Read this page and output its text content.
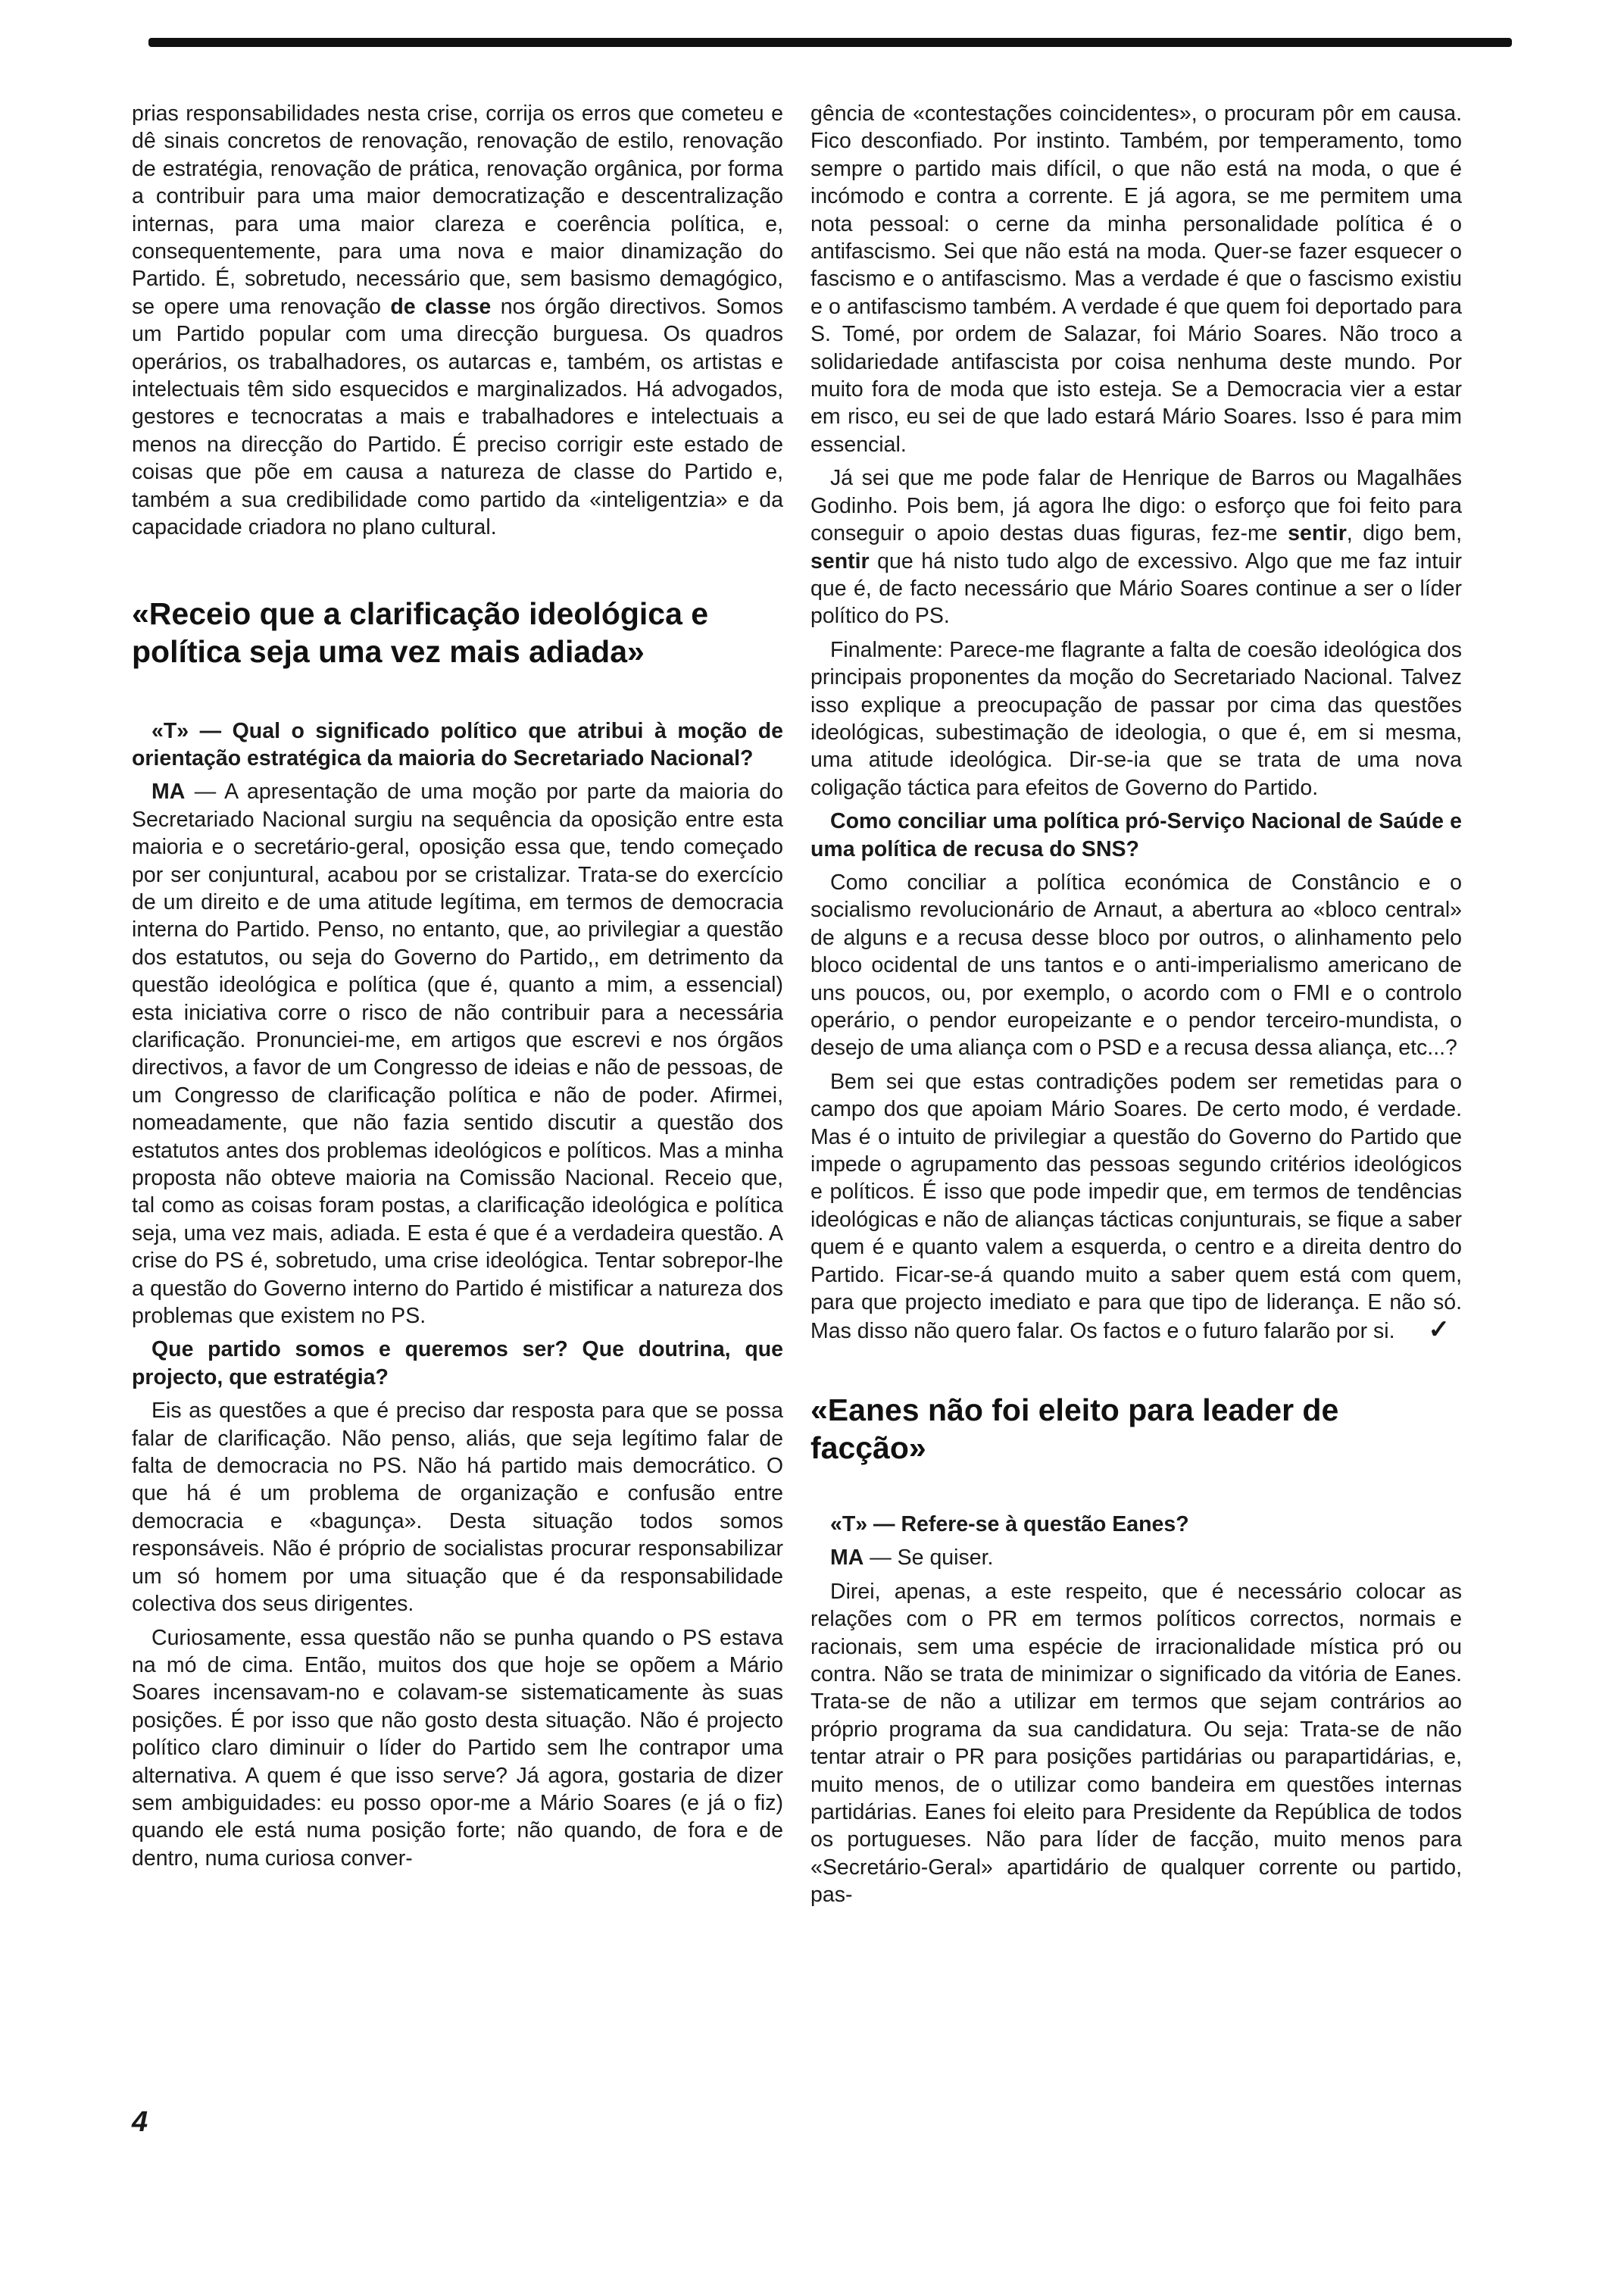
prias responsabilidades nesta crise, corrija os erros que cometeu e dê sinais concretos de renovação, renovação de estilo, renovação de estratégia, renovação de prática, renovação orgânica, por forma a contribuir para uma maior democratização e descentralização internas, para uma maior clareza e coerência política, e, consequentemente, para uma nova e maior dinamização do Partido. É, sobretudo, necessário que, sem basismo demagógico, se opere uma renovação de classe nos órgão directivos. Somos um Partido popular com uma direcção burguesa. Os quadros operários, os trabalhadores, os autarcas e, também, os artistas e intelectuais têm sido esquecidos e marginalizados. Há advogados, gestores e tecnocratas a mais e trabalhadores e intelectuais a menos na direcção do Partido. É preciso corrigir este estado de coisas que põe em causa a natureza de classe do Partido e, também a sua credibilidade como partido da «inteligentzia» e da capacidade criadora no plano cultural.

«Receio que a clarificação ideológica e política seja uma vez mais adiada»

«T» — Qual o significado político que atribui à moção de orientação estratégica da maioria do Secretariado Nacional?

MA — A apresentação de uma moção por parte da maioria do Secretariado Nacional surgiu na sequência da oposição entre esta maioria e o secretário-geral, oposição essa que, tendo começado por ser conjuntural, acabou por se cristalizar. Trata-se do exercício de um direito e de uma atitude legítima, em termos de democracia interna do Partido. Penso, no entanto, que, ao privilegiar a questão dos estatutos, ou seja do Governo do Partido,, em detrimento da questão ideológica e política (que é, quanto a mim, a essencial) esta iniciativa corre o risco de não contribuir para a necessária clarificação. Pronunciei-me, em artigos que escrevi e nos órgãos directivos, a favor de um Congresso de ideias e não de pessoas, de um Congresso de clarificação política e não de poder. Afirmei, nomeadamente, que não fazia sentido discutir a questão dos estatutos antes dos problemas ideológicos e políticos. Mas a minha proposta não obteve maioria na Comissão Nacional. Receio que, tal como as coisas foram postas, a clarificação ideológica e política seja, uma vez mais, adiada. E esta é que é a verdadeira questão. A crise do PS é, sobretudo, uma crise ideológica. Tentar sobrepor-lhe a questão do Governo interno do Partido é mistificar a natureza dos problemas que existem no PS.

Que partido somos e queremos ser? Que doutrina, que projecto, que estratégia?

Eis as questões a que é preciso dar resposta para que se possa falar de clarificação. Não penso, aliás, que seja legítimo falar de falta de democracia no PS. Não há partido mais democrático. O que há é um problema de organização e confusão entre democracia e «bagunça». Desta situação todos somos responsáveis. Não é próprio de socialistas procurar responsabilizar um só homem por uma situação que é da responsabilidade colectiva dos seus dirigentes.

Curiosamente, essa questão não se punha quando o PS estava na mó de cima. Então, muitos dos que hoje se opõem a Mário Soares incensavam-no e colavam-se sistematicamente às suas posições. É por isso que não gosto desta situação. Não é projecto político claro diminuir o líder do Partido sem lhe contrapor uma alternativa. A quem é que isso serve? Já agora, gostaria de dizer sem ambiguidades: eu posso opor-me a Mário Soares (e já o fiz) quando ele está numa posição forte; não quando, de fora e de dentro, numa curiosa conver-

gência de «contestações coincidentes», o procuram pôr em causa. Fico desconfiado. Por instinto. Também, por temperamento, tomo sempre o partido mais difícil, o que não está na moda, o que é incómodo e contra a corrente. E já agora, se me permitem uma nota pessoal: o cerne da minha personalidade política é o antifascismo. Sei que não está na moda. Quer-se fazer esquecer o fascismo e o antifascismo. Mas a verdade é que o fascismo existiu e o antifascismo também. A verdade é que quem foi deportado para S. Tomé, por ordem de Salazar, foi Mário Soares. Não troco a solidariedade antifascista por coisa nenhuma deste mundo. Por muito fora de moda que isto esteja. Se a Democracia vier a estar em risco, eu sei de que lado estará Mário Soares. Isso é para mim essencial.

Já sei que me pode falar de Henrique de Barros ou Magalhães Godinho. Pois bem, já agora lhe digo: o esforço que foi feito para conseguir o apoio destas duas figuras, fez-me sentir, digo bem, sentir que há nisto tudo algo de excessivo. Algo que me faz intuir que é, de facto necessário que Mário Soares continue a ser o líder político do PS.

Finalmente: Parece-me flagrante a falta de coesão ideológica dos principais proponentes da moção do Secretariado Nacional. Talvez isso explique a preocupação de passar por cima das questões ideológicas, subestimação de ideologia, o que é, em si mesma, uma atitude ideológica. Dir-se-ia que se trata de uma nova coligação táctica para efeitos de Governo do Partido.

Como conciliar uma política pró-Serviço Nacional de Saúde e uma política de recusa do SNS?

Como conciliar a política económica de Constâncio e o socialismo revolucionário de Arnaut, a abertura ao «bloco central» de alguns e a recusa desse bloco por outros, o alinhamento pelo bloco ocidental de uns tantos e o anti-imperialismo americano de uns poucos, ou, por exemplo, o acordo com o FMI e o controlo operário, o pendor europeizante e o pendor terceiro-mundista, o desejo de uma aliança com o PSD e a recusa dessa aliança, etc...?

Bem sei que estas contradições podem ser remetidas para o campo dos que apoiam Mário Soares. De certo modo, é verdade. Mas é o intuito de privilegiar a questão do Governo do Partido que impede o agrupamento das pessoas segundo critérios ideológicos e políticos. É isso que pode impedir que, em termos de tendências ideológicas e não de alianças tácticas conjunturais, se fique a saber quem é e quanto valem a esquerda, o centro e a direita dentro do Partido. Ficar-se-á quando muito a saber quem está com quem, para que projecto imediato e para que tipo de liderança. E não só. Mas disso não quero falar. Os factos e o futuro falarão por si. ✓

«Eanes não foi eleito para leader de facção»

«T» — Refere-se à questão Eanes?

MA — Se quiser.

Direi, apenas, a este respeito, que é necessário colocar as relações com o PR em termos políticos correctos, normais e racionais, sem uma espécie de irracionalidade mística pró ou contra. Não se trata de minimizar o significado da vitória de Eanes. Trata-se de não a utilizar em termos que sejam contrários ao próprio programa da sua candidatura. Ou seja: Trata-se de não tentar atrair o PR para posições partidárias ou parapartidárias, e, muito menos, de o utilizar como bandeira em questões internas partidárias. Eanes foi eleito para Presidente da República de todos os portugueses. Não para líder de facção, muito menos para «Secretário-Geral» apartidário de qualquer corrente ou partido, pas-

4
